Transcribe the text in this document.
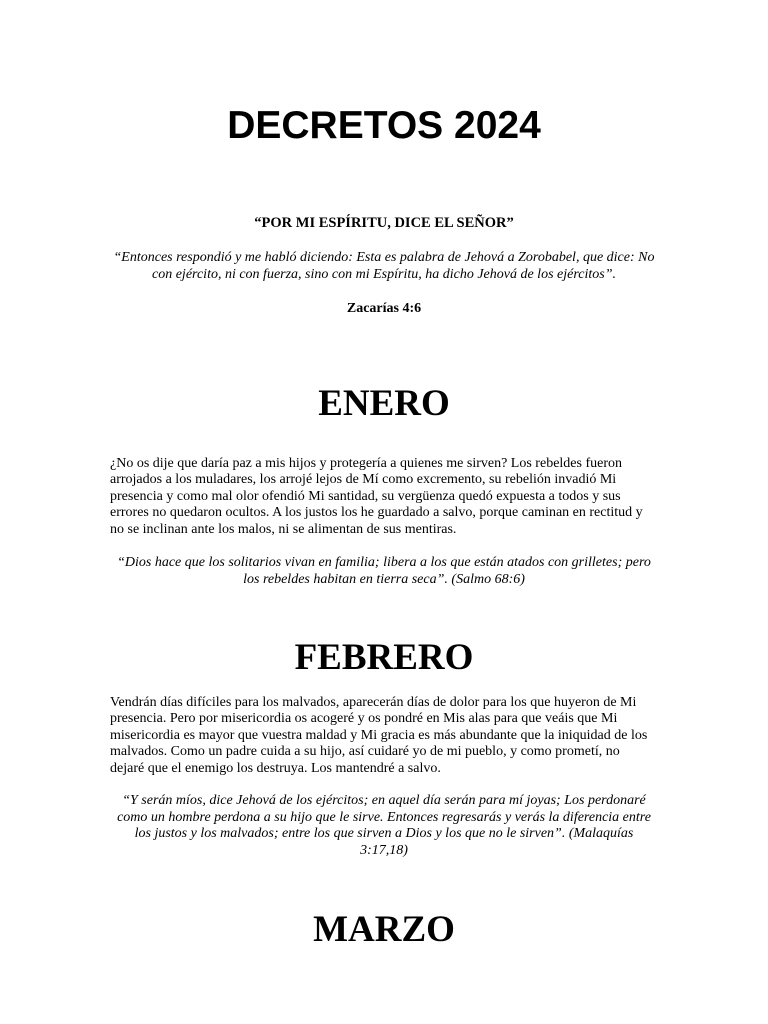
DECRETOS 2024

“POR MI ESPÍRITU, DICE EL SEÑOR”

“Entonces respondió y me habló diciendo: Esta es palabra de Jehová a Zorobabel, que dice: No con ejército, ni con fuerza, sino con mi Espíritu, ha dicho Jehová de los ejércitos”.

Zacarías 4:6

ENERO

¿No os dije que daría paz a mis hijos y protegería a quienes me sirven? Los rebeldes fueron arrojados a los muladares, los arrojé lejos de Mí como excremento, su rebelión invadió Mi presencia y como mal olor ofendió Mi santidad, su vergüenza quedó expuesta a todos y sus errores no quedaron ocultos. A los justos los he guardado a salvo, porque caminan en rectitud y no se inclinan ante los malos, ni se alimentan de sus mentiras.

“Dios hace que los solitarios vivan en familia; libera a los que están atados con grilletes; pero los rebeldes habitan en tierra seca”. (Salmo 68:6)

FEBRERO

Vendrán días difíciles para los malvados, aparecerán días de dolor para los que huyeron de Mi presencia. Pero por misericordia os acogeré y os pondré en Mis alas para que veáis que Mi misericordia es mayor que vuestra maldad y Mi gracia es más abundante que la iniquidad de los malvados. Como un padre cuida a su hijo, así cuidaré yo de mi pueblo, y como prometí, no dejaré que el enemigo los destruya. Los mantendré a salvo.

“Y serán míos, dice Jehová de los ejércitos; en aquel día serán para mí joyas; Los perdonaré como un hombre perdona a su hijo que le sirve. Entonces regresarás y verás la diferencia entre los justos y los malvados; entre los que sirven a Dios y los que no le sirven”. (Malaquías 3:17,18)

MARZO
